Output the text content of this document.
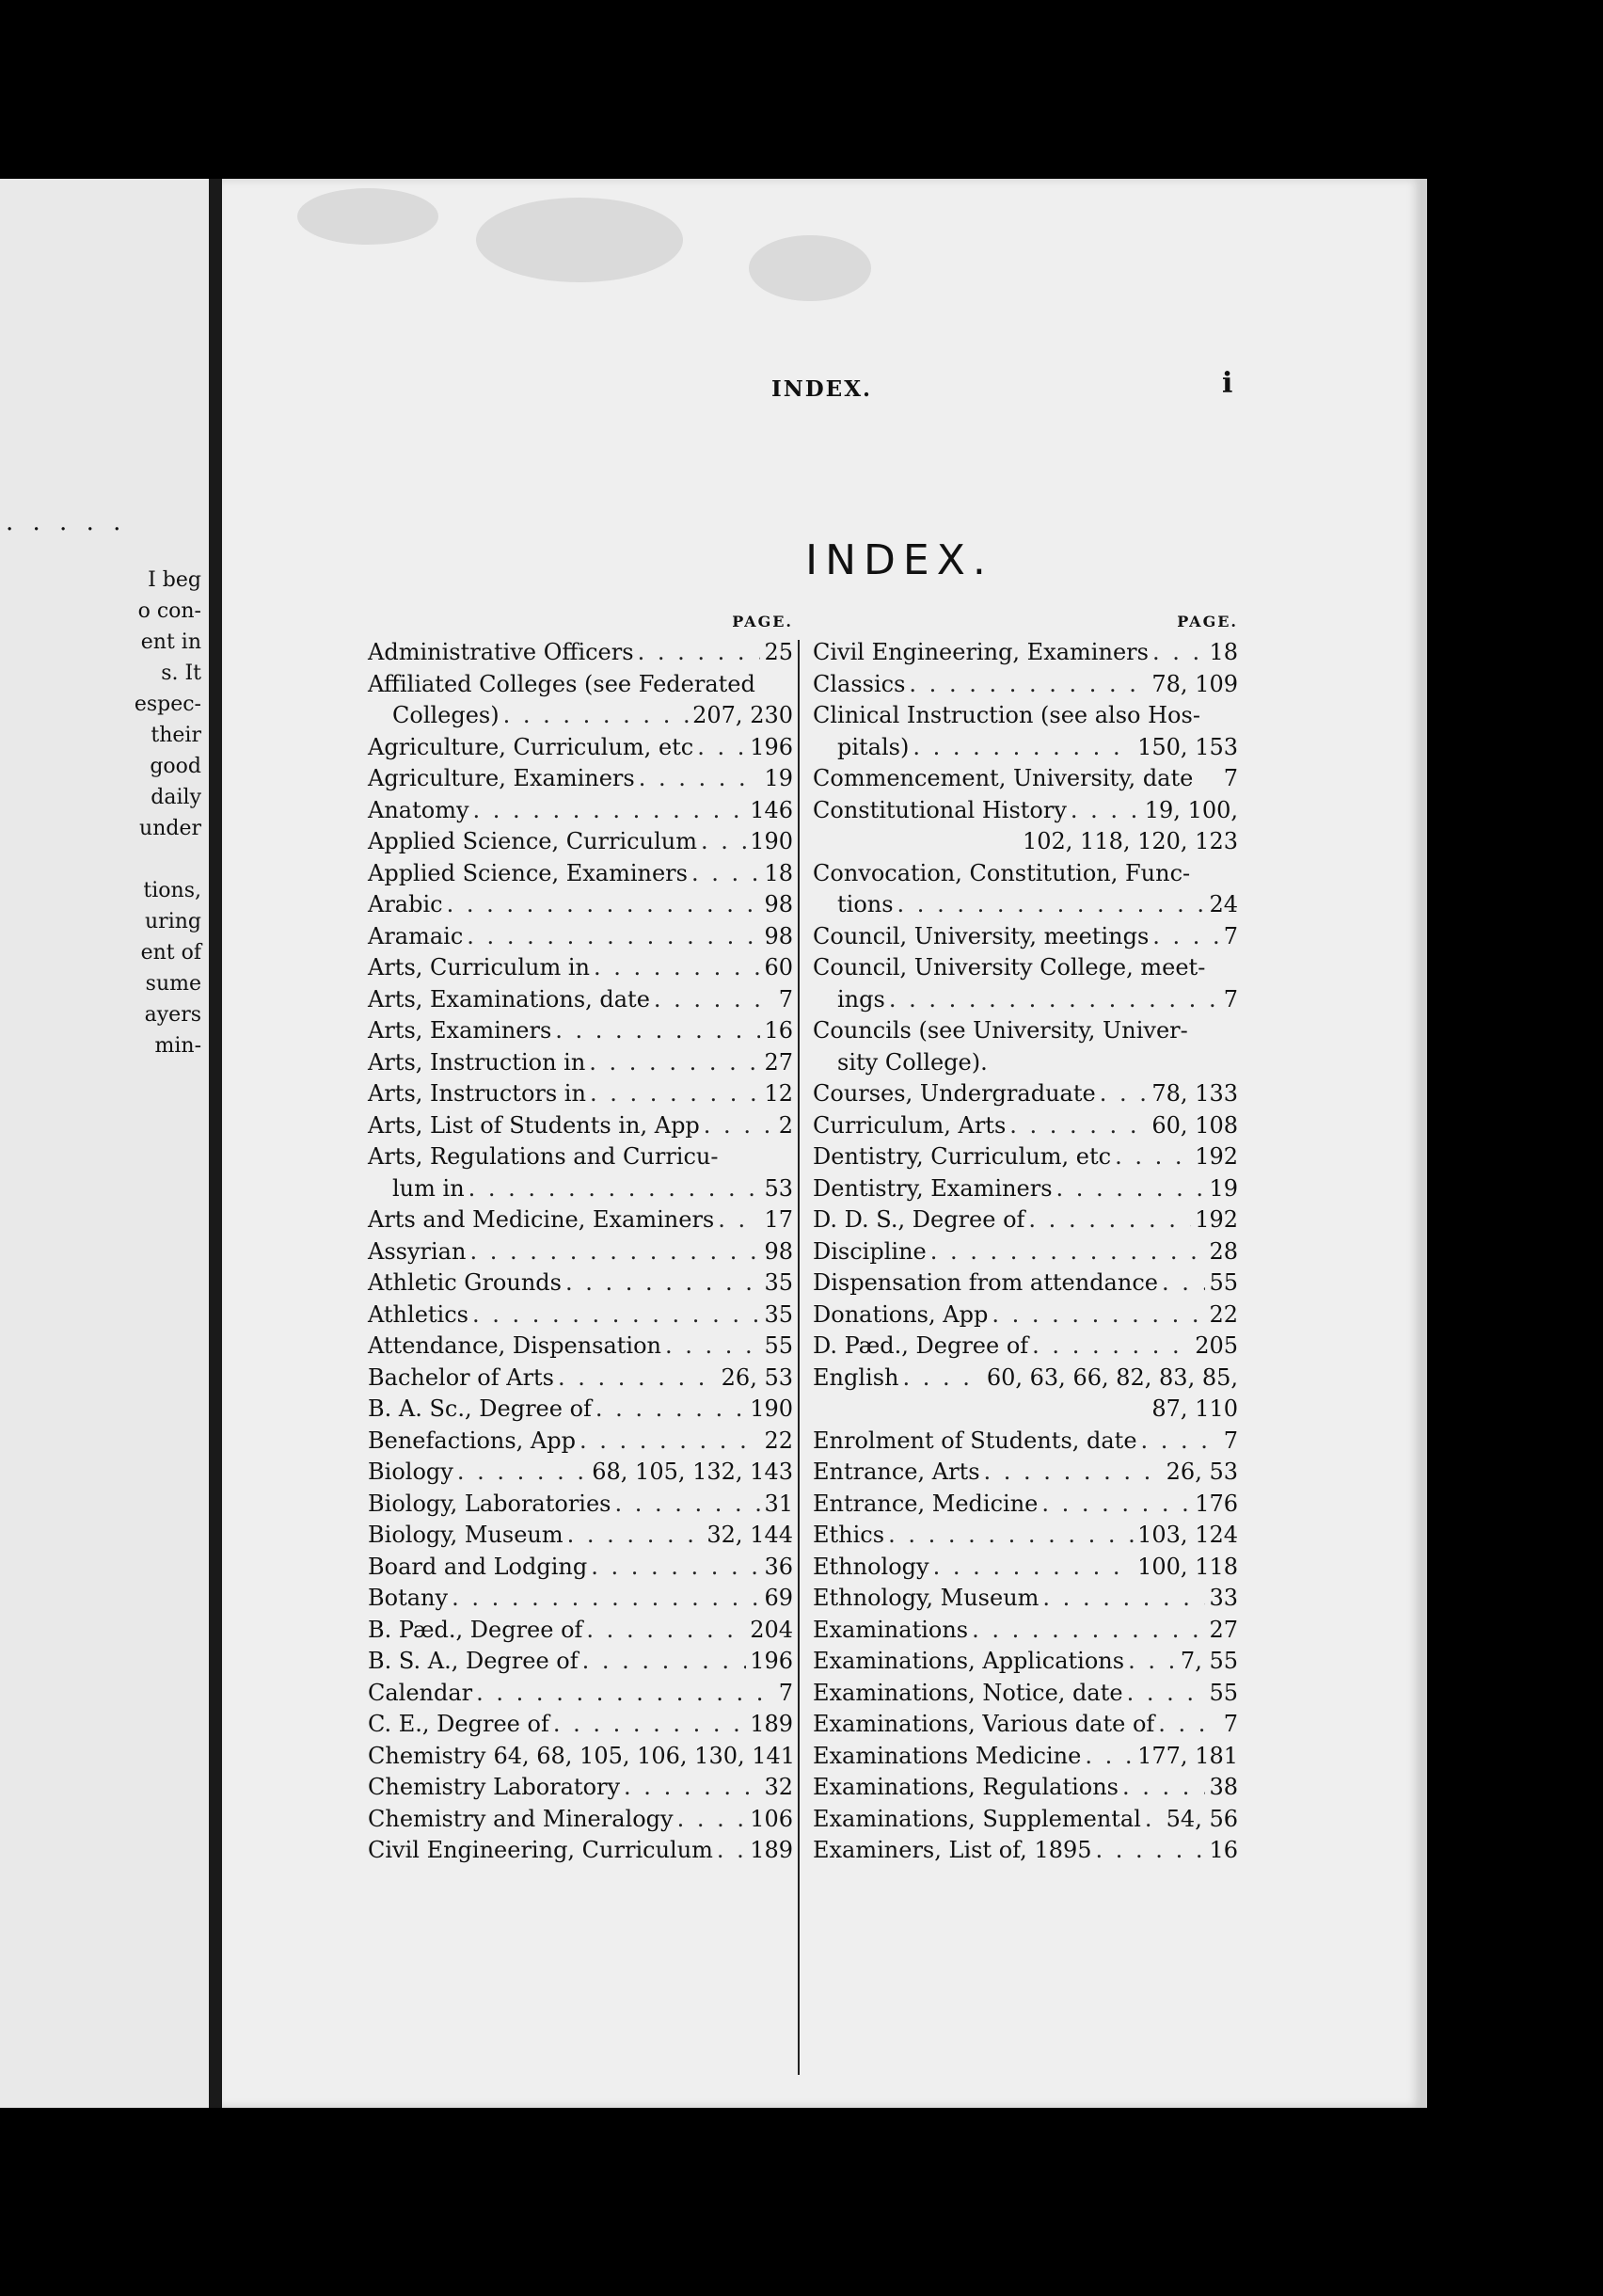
. . . . .
I beg
o con-
ent in
s. It
espec-
their
good
daily
under
tions,
uring
ent of
sume
ayers
min-
INDEX.	i
INDEX.
PAGE.
Administrative Officers . . .	25
Affiliated Colleges (see Federated
Colleges) . . .	207, 230
Agriculture, Curriculum, etc . . . 196
Agriculture, Examiners . . .	19
Anatomy . . .	146
Applied Science, Curriculum . . . 190
Applied Science, Examiners . . .	18
Arabic . . .	98
Aramaic . . .	98
Arts, Curriculum in . . .	60
Arts, Examinations, date . . .	7
Arts, Examiners . . .	16
Arts, Instruction in . . .	27
Arts, Instructors in . . .	12
Arts, List of Students in, App . . .	2
Arts, Regulations and Curricu-
lum in . . .	53
Arts and Medicine, Examiners . . . 17
Assyrian . . .	98
Athletic Grounds . . .	35
Athletics . . .	35
Attendance, Dispensation . . .	55
Bachelor of Arts . . .	26, 53
B. A. Sc., Degree of . . .	190
Benefactions, App . . .	22
Biology . . .	68, 105, 132, 143
Biology, Laboratories . . .	31
Biology, Museum . . .	32, 144
Board and Lodging . . .	36
Botany . . .	69
B. Pæd., Degree of . . .	204
B. S. A., Degree of . . .	196
Calendar . . .	7
C. E., Degree of . . .	189
Chemistry 64, 68, 105, 106, 130, 141
Chemistry Laboratory . . .	32
Chemistry and Mineralogy . . .	106
Civil Engineering, Curriculum . . . 189
PAGE.
Civil Engineering, Examiners . . .	18
Classics . . .	78, 109
Clinical Instruction (see also Hos-
pitals) . . .	150, 153
Commencement, University, date 7
Constitutional History . . .	19, 100,
102, 118, 120, 123
Convocation, Constitution, Func-
tions . . .	24
Council, University, meetings . . .	7
Council, University College, meet-
ings . . .	7
Councils (see University, Univer-
sity College).
Courses, Undergraduate . . . 78, 133
Curriculum, Arts . . .	60, 108
Dentistry, Curriculum, etc . . .	192
Dentistry, Examiners . . .	19
D. D. S., Degree of . . .	192
Discipline . . .	28
Dispensation from attendance . . . 55
Donations, App . . .	22
D. Pæd., Degree of . . .	205
English . . .	60, 63, 66, 82, 83, 85,
87, 110
Enrolment of Students, date . . .	7
Entrance, Arts . . .	26, 53
Entrance, Medicine . . .	176
Ethics . . .	103, 124
Ethnology . . .	100, 118
Ethnology, Museum . . .	33
Examinations . . .	27
Examinations, Applications . . . 7, 55
Examinations, Notice, date . . .	55
Examinations, Various date of . . .	7
Examinations Medicine . . . 177, 181
Examinations, Regulations . . .	38
Examinations, Supplemental . . . 54, 56
Examiners, List of, 1895 . . .	16
